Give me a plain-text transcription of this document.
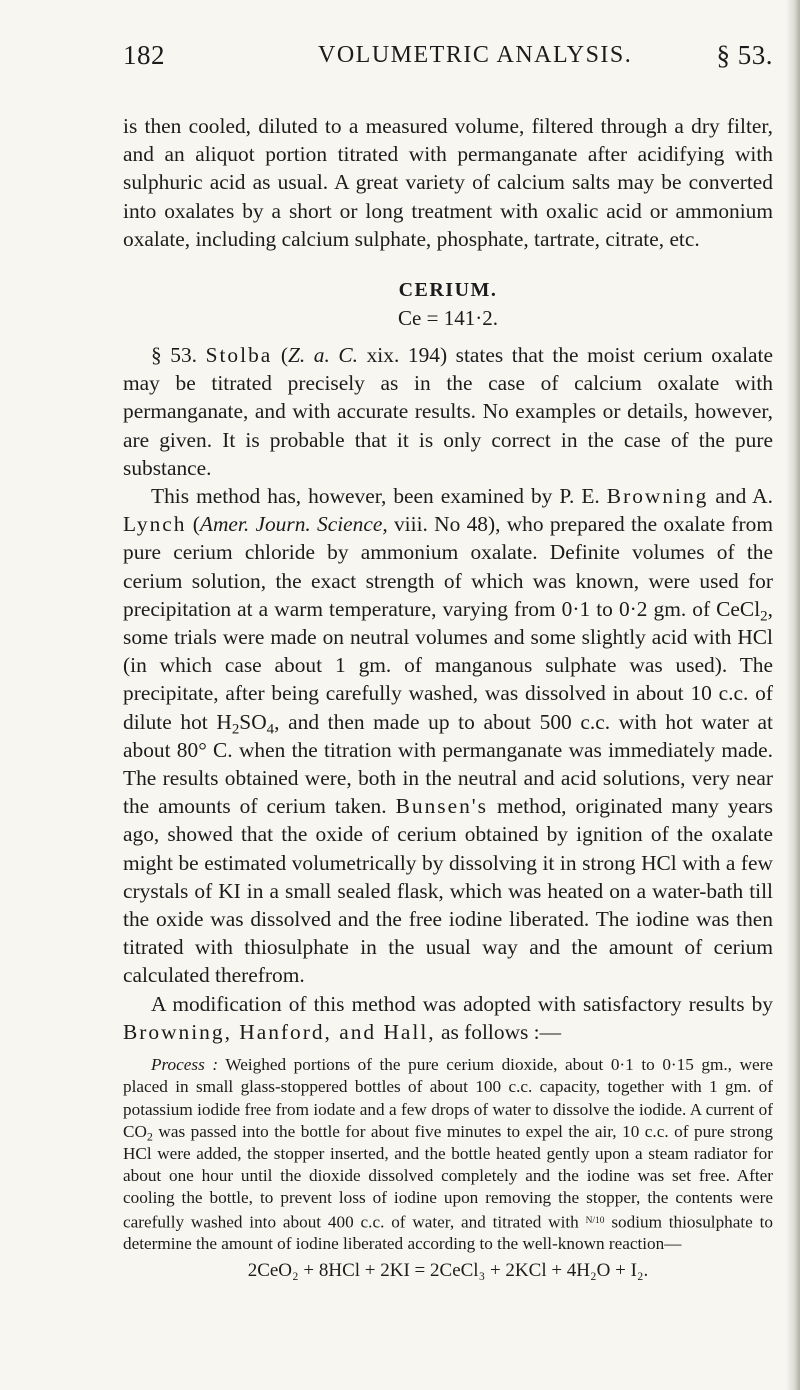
182	VOLUMETRIC ANALYSIS.	§ 53.

is then cooled, diluted to a measured volume, filtered through a dry filter, and an aliquot portion titrated with permanganate after acidifying with sulphuric acid as usual. A great variety of calcium salts may be converted into oxalates by a short or long treatment with oxalic acid or ammonium oxalate, including calcium sulphate, phosphate, tartrate, citrate, etc.

CERIUM.
Ce = 141·2.

§ 53. Stolba (Z. a. C. xix. 194) states that the moist cerium oxalate may be titrated precisely as in the case of calcium oxalate with permanganate, and with accurate results. No examples or details, however, are given. It is probable that it is only correct in the case of the pure substance.

This method has, however, been examined by P. E. Browning and A. Lynch (Amer. Journ. Science, viii. No 48), who prepared the oxalate from pure cerium chloride by ammonium oxalate. Definite volumes of the cerium solution, the exact strength of which was known, were used for precipitation at a warm temperature, varying from 0·1 to 0·2 gm. of CeCl$_2$, some trials were made on neutral volumes and some slightly acid with HCl (in which case about 1 gm. of manganous sulphate was used). The precipitate, after being carefully washed, was dissolved in about 10 c.c. of dilute hot $H_2SO_4$, and then made up to about 500 c.c. with hot water at about 80° C. when the titration with permanganate was immediately made. The results obtained were, both in the neutral and acid solutions, very near the amounts of cerium taken. Bunsen's method, originated many years ago, showed that the oxide of cerium obtained by ignition of the oxalate might be estimated volumetrically by dissolving it in strong HCl with a few crystals of KI in a small sealed flask, which was heated on a water-bath till the oxide was dissolved and the free iodine liberated. The iodine was then titrated with thiosulphate in the usual way and the amount of cerium calculated therefrom.

A modification of this method was adopted with satisfactory results by Browning, Hanford, and Hall, as follows :—

Process : Weighed portions of the pure cerium dioxide, about 0·1 to 0·15 gm., were placed in small glass-stoppered bottles of about 100 c.c. capacity, together with 1 gm. of potassium iodide free from iodate and a few drops of water to dissolve the iodide. A current of $CO_2$ was passed into the bottle for about five minutes to expel the air, 10 c.c. of pure strong HCl were added, the stopper inserted, and the bottle heated gently upon a steam radiator for about one hour until the dioxide dissolved completely and the iodine was set free. After cooling the bottle, to prevent loss of iodine upon removing the stopper, the contents were carefully washed into about 400 c.c. of water, and titrated with $^{N/10}$ sodium thiosulphate to determine the amount of iodine liberated according to the well-known reaction—

2CeO₂ + 8HCl + 2KI = 2CeCl₃ + 2KCl + 4H₂O + I₂.
